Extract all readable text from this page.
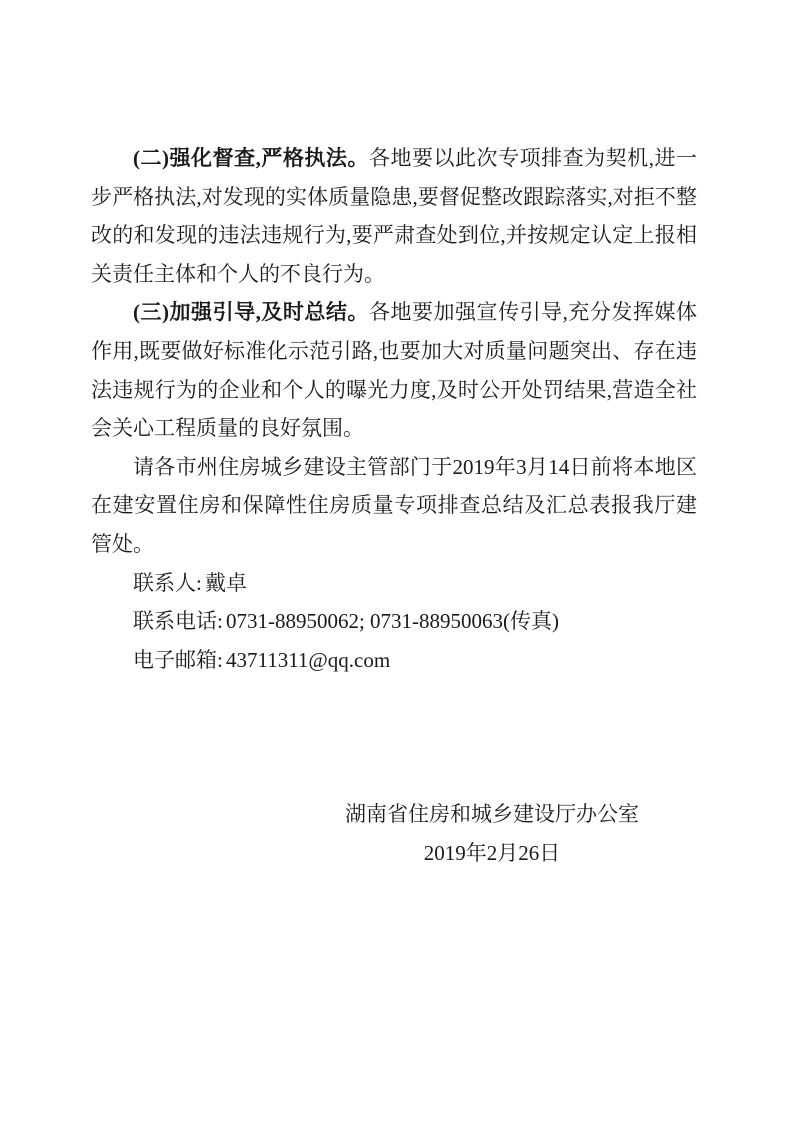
(二)强化督查,严格执法。各地要以此次专项排查为契机,进一步严格执法,对发现的实体质量隐患,要督促整改跟踪落实,对拒不整改的和发现的违法违规行为,要严肃查处到位,并按规定认定上报相关责任主体和个人的不良行为。

(三)加强引导,及时总结。各地要加强宣传引导,充分发挥媒体作用,既要做好标准化示范引路,也要加大对质量问题突出、存在违法违规行为的企业和个人的曝光力度,及时公开处罚结果,营造全社会关心工程质量的良好氛围。

请各市州住房城乡建设主管部门于2019年3月14日前将本地区在建安置住房和保障性住房质量专项排查总结及汇总表报我厅建管处。

联系人: 戴卓

联系电话: 0731-88950062; 0731-88950063(传真)

电子邮箱: 43711311@qq.com

湖南省住房和城乡建设厅办公室

2019年2月26日
